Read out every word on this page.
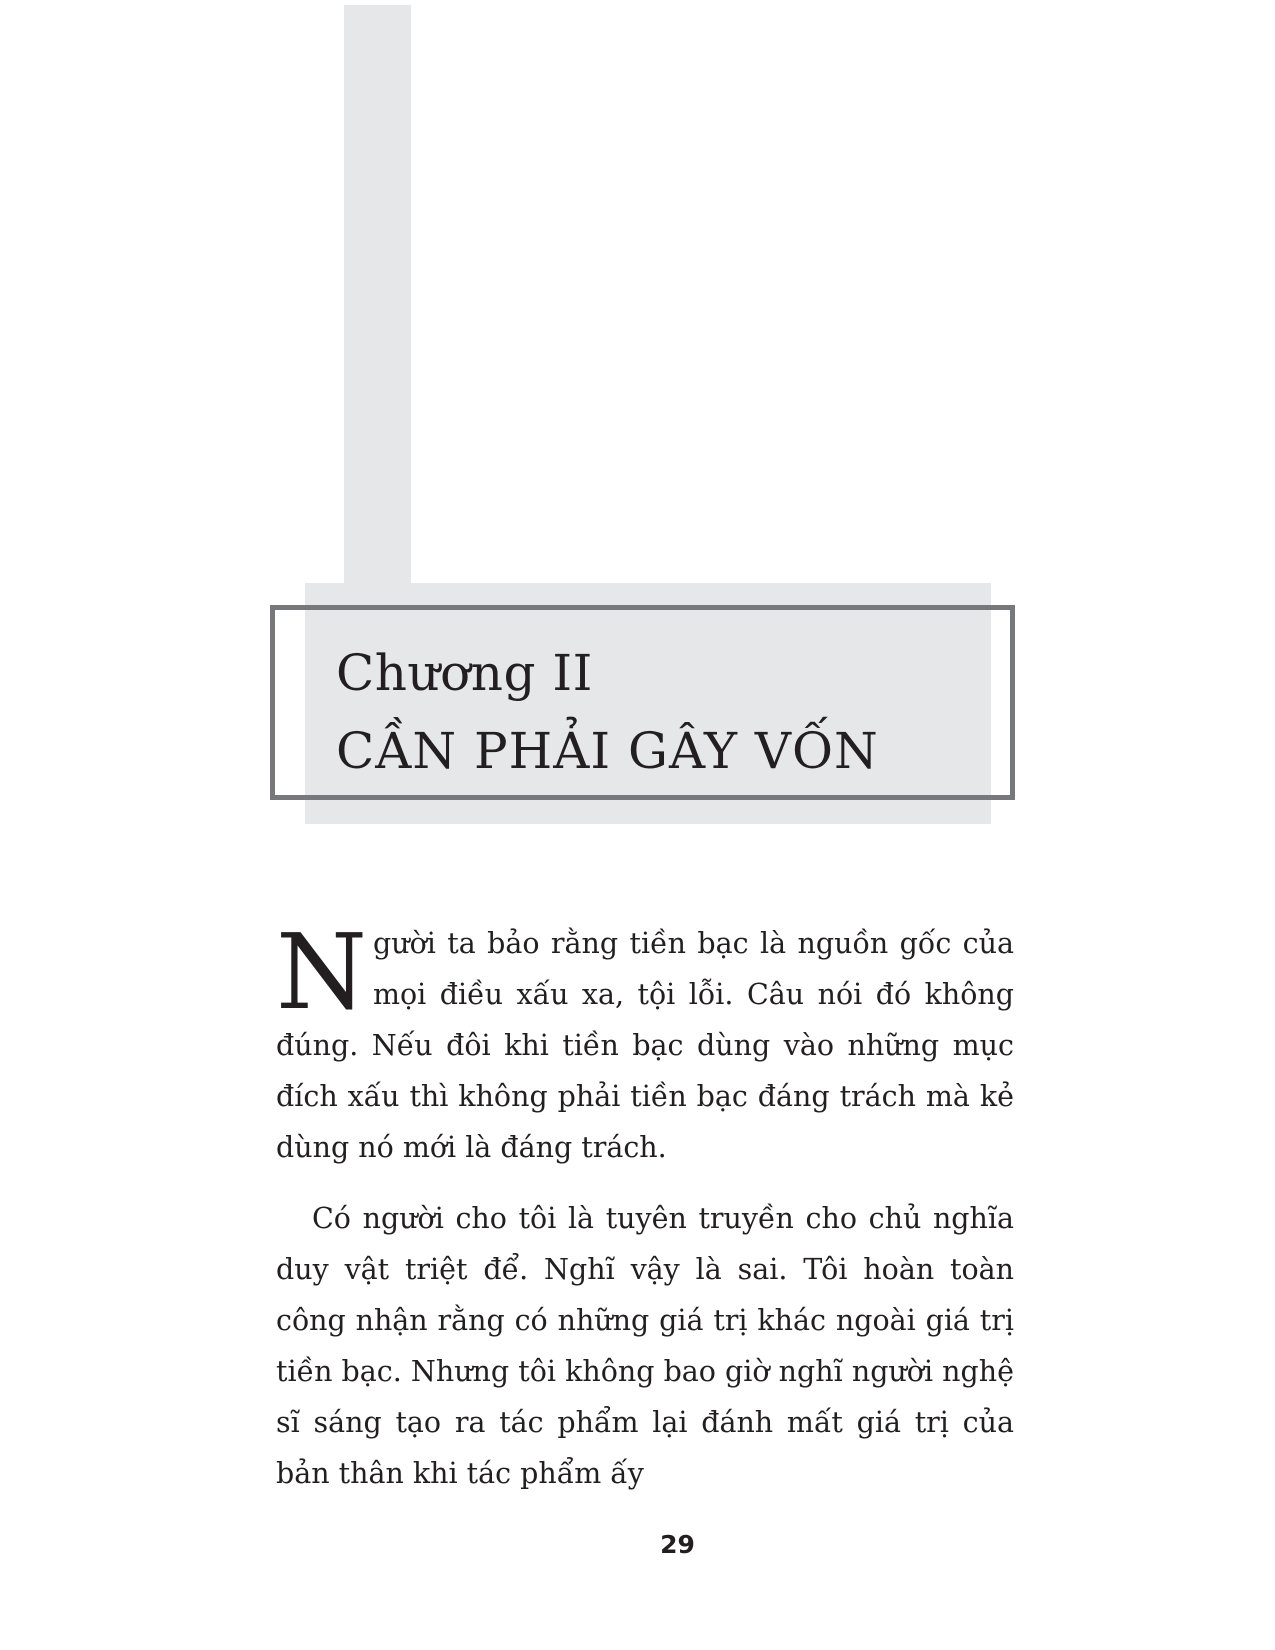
Chương II
CẦN PHẢI GÂY VỐN

Người ta bảo rằng tiền bạc là nguồn gốc của mọi điều xấu xa, tội lỗi. Câu nói đó không đúng. Nếu đôi khi tiền bạc dùng vào những mục đích xấu thì không phải tiền bạc đáng trách mà kẻ dùng nó mới là đáng trách.

Có người cho tôi là tuyên truyền cho chủ nghĩa duy vật triệt để. Nghĩ vậy là sai. Tôi hoàn toàn công nhận rằng có những giá trị khác ngoài giá trị tiền bạc. Nhưng tôi không bao giờ nghĩ người nghệ sĩ sáng tạo ra tác phẩm lại đánh mất giá trị của bản thân khi tác phẩm ấy

29
